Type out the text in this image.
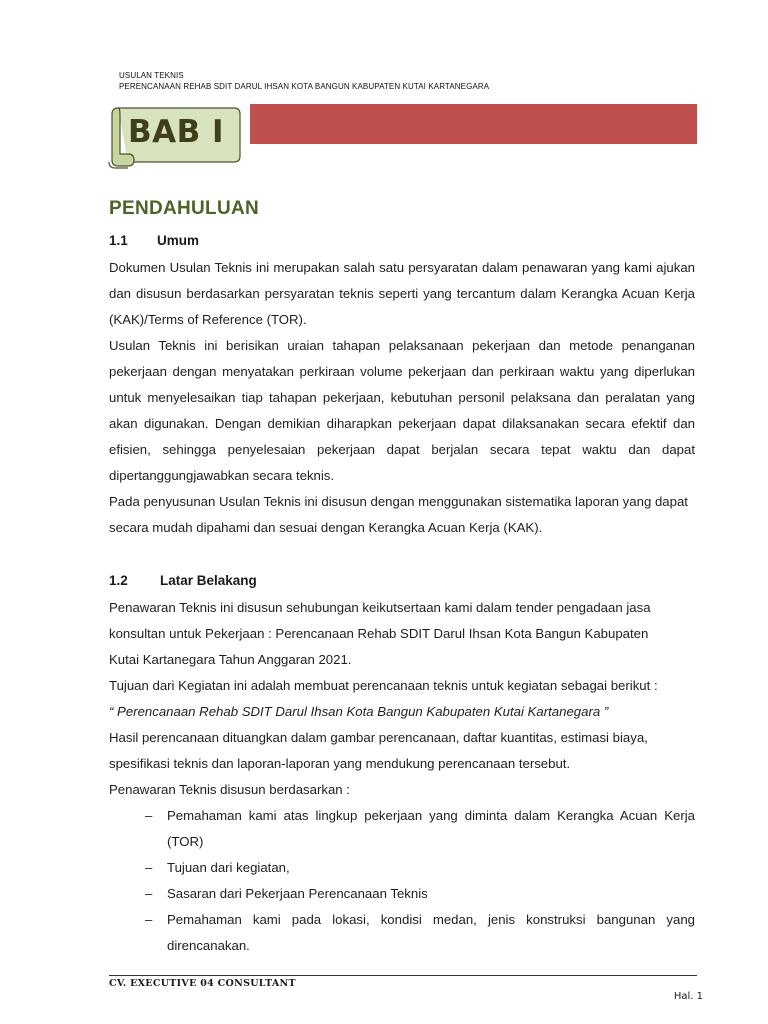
USULAN TEKNIS
PERENCANAAN REHAB SDIT DARUL IHSAN KOTA BANGUN KABUPATEN KUTAI KARTANEGARA
BAB I
PENDAHULUAN
1.1 Umum
Dokumen Usulan Teknis ini merupakan salah satu persyaratan dalam penawaran yang kami ajukan dan disusun berdasarkan persyaratan teknis seperti yang tercantum dalam Kerangka Acuan Kerja (KAK)/Terms of Reference (TOR).
Usulan Teknis ini berisikan uraian tahapan pelaksanaan pekerjaan dan metode penanganan pekerjaan dengan menyatakan perkiraan volume pekerjaan dan perkiraan waktu yang diperlukan untuk menyelesaikan tiap tahapan pekerjaan, kebutuhan personil pelaksana dan peralatan yang akan digunakan. Dengan demikian diharapkan pekerjaan dapat dilaksanakan secara efektif dan efisien, sehingga penyelesaian pekerjaan dapat berjalan secara tepat waktu dan dapat dipertanggungjawabkan secara teknis.
Pada penyusunan Usulan Teknis ini disusun dengan menggunakan sistematika laporan yang dapat secara mudah dipahami dan sesuai dengan Kerangka Acuan Kerja (KAK).
1.2 Latar Belakang
Penawaran Teknis ini disusun sehubungan keikutsertaan kami dalam tender pengadaan jasa konsultan untuk Pekerjaan : Perencanaan Rehab SDIT Darul Ihsan Kota Bangun Kabupaten Kutai Kartanegara Tahun Anggaran 2021.
Tujuan dari Kegiatan ini adalah membuat perencanaan teknis untuk kegiatan sebagai berikut :
“ Perencanaan Rehab SDIT Darul Ihsan Kota Bangun Kabupaten Kutai Kartanegara ”
Hasil perencanaan dituangkan dalam gambar perencanaan, daftar kuantitas, estimasi biaya, spesifikasi teknis dan laporan-laporan yang mendukung perencanaan tersebut.
Penawaran Teknis disusun berdasarkan :
– Pemahaman kami atas lingkup pekerjaan yang diminta dalam Kerangka Acuan Kerja (TOR)
– Tujuan dari kegiatan,
– Sasaran dari Pekerjaan Perencanaan Teknis
– Pemahaman kami pada lokasi, kondisi medan, jenis konstruksi bangunan yang direncanakan.
CV. EXECUTIVE 04 CONSULTANT
Hal. 1
